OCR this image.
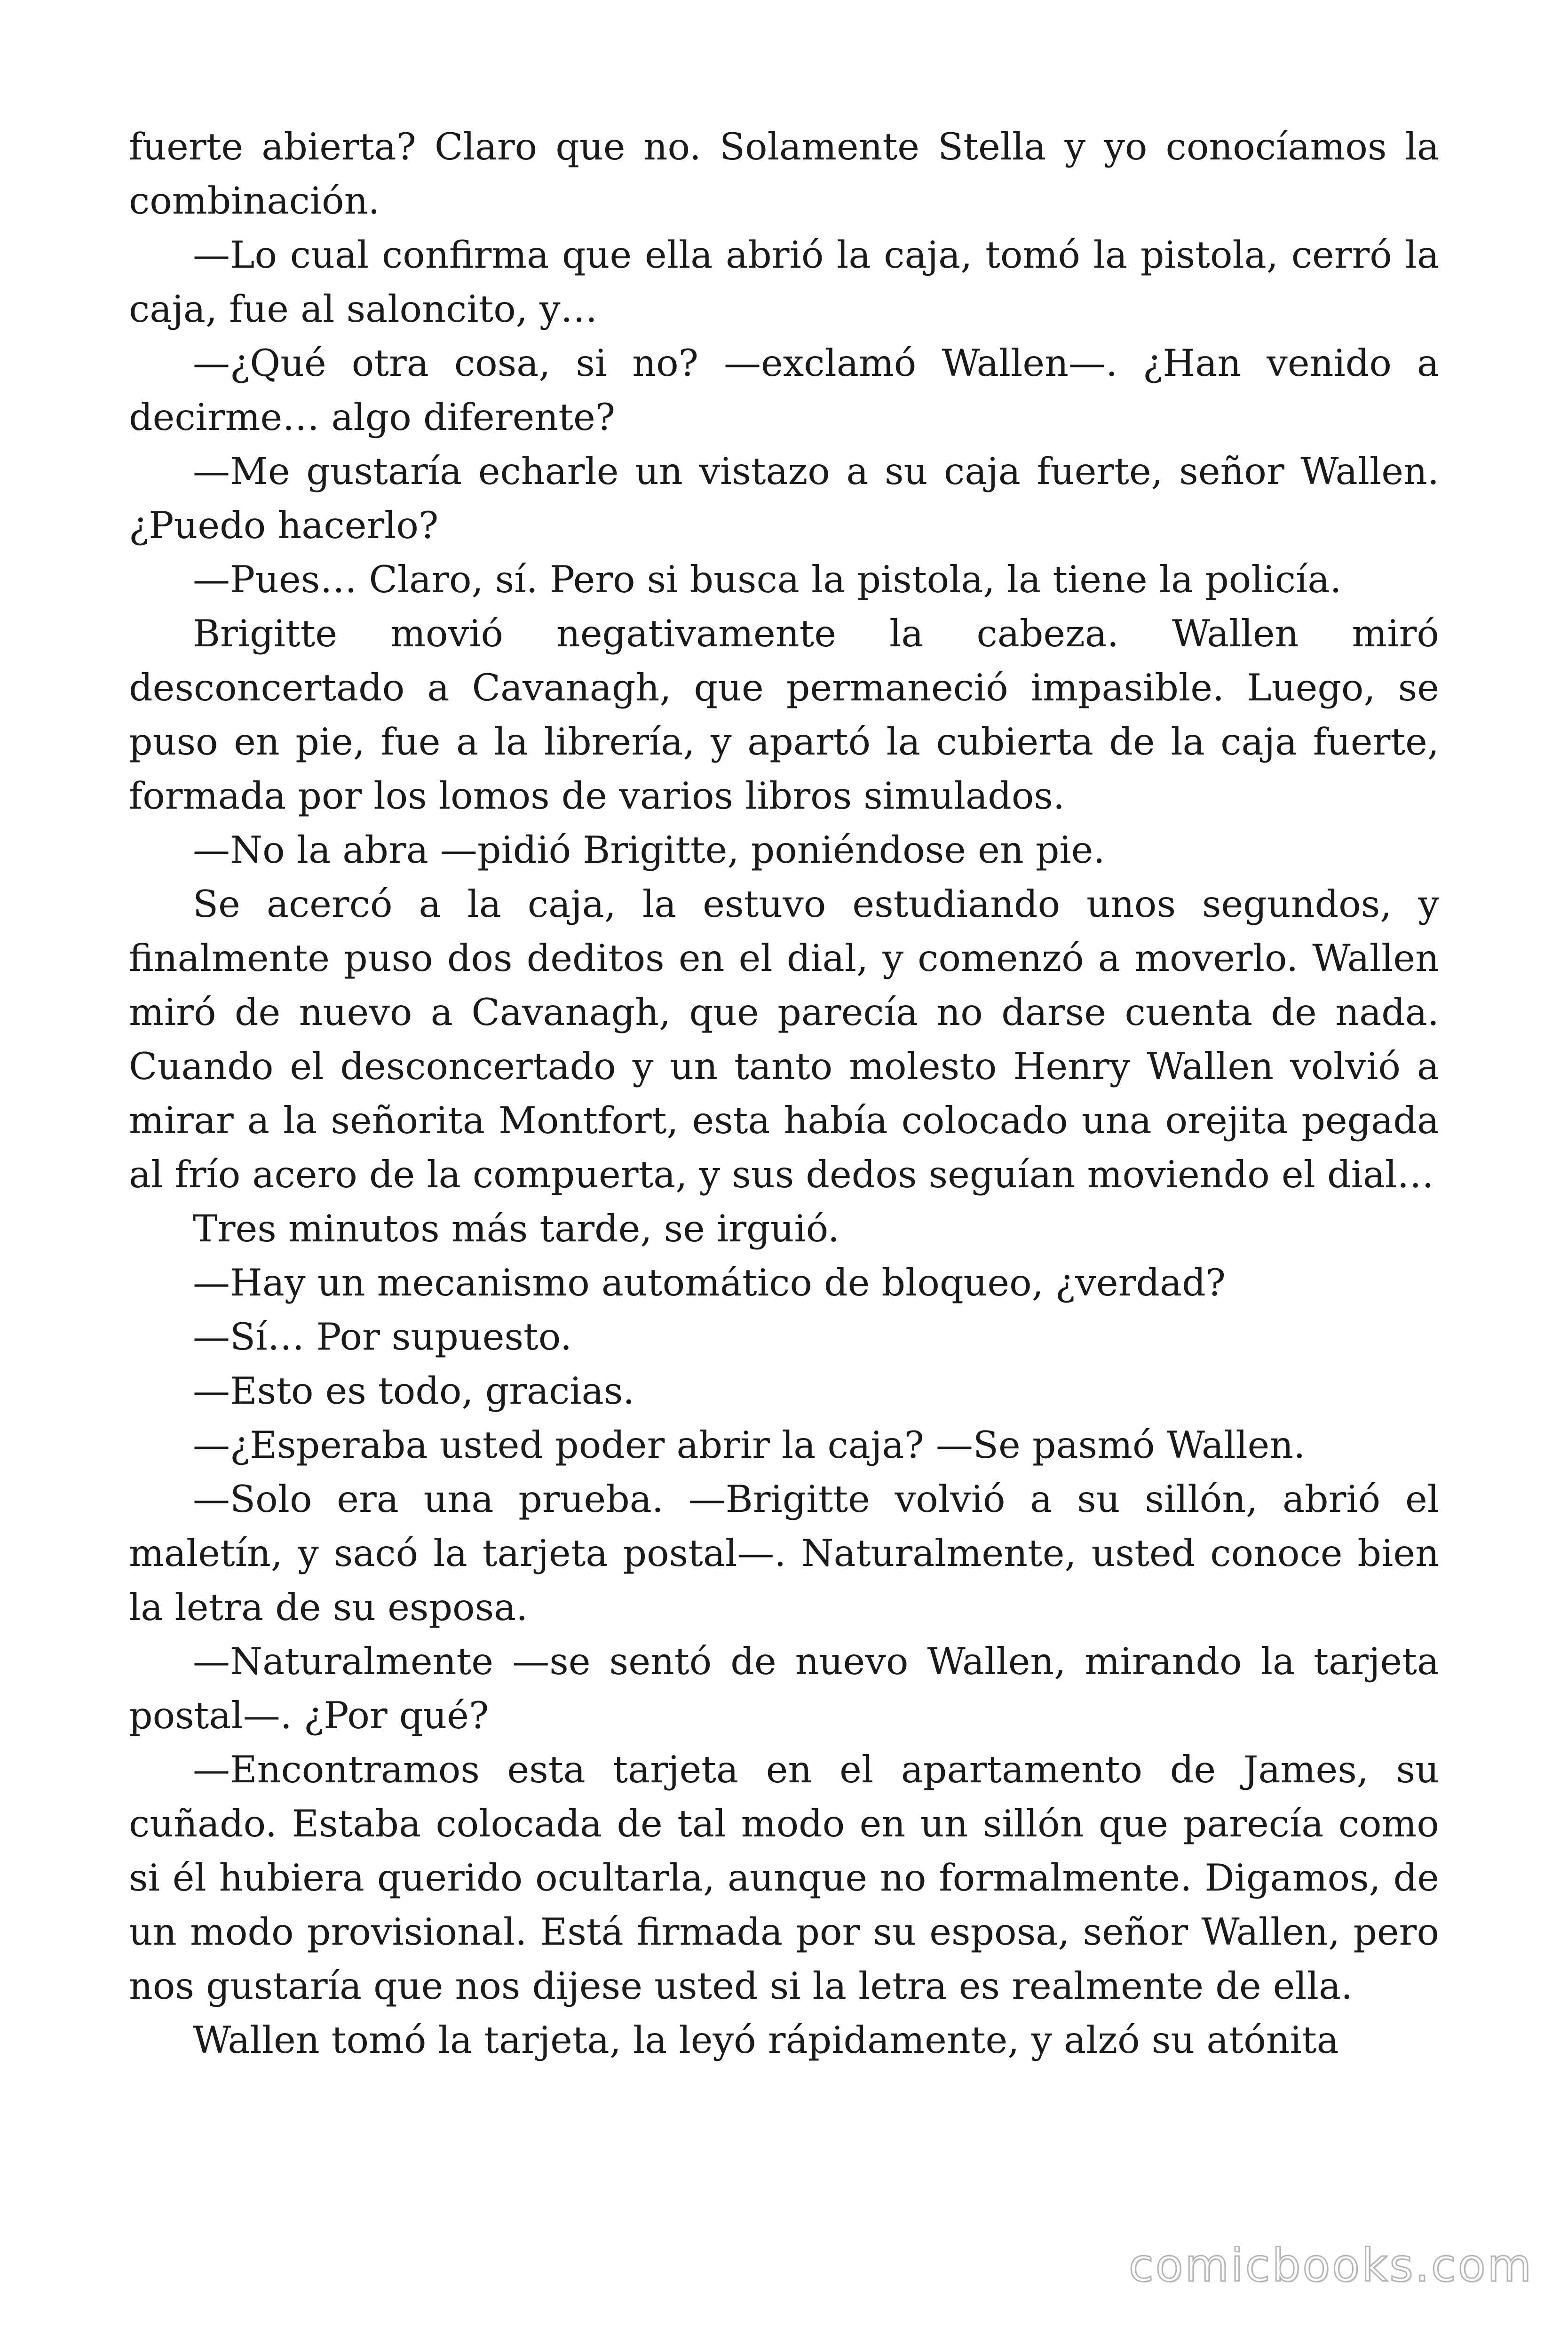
fuerte abierta? Claro que no. Solamente Stella y yo conocíamos la combinación.

—Lo cual confirma que ella abrió la caja, tomó la pistola, cerró la caja, fue al saloncito, y…

—¿Qué otra cosa, si no? —exclamó Wallen—. ¿Han venido a decirme… algo diferente?

—Me gustaría echarle un vistazo a su caja fuerte, señor Wallen. ¿Puedo hacerlo?

—Pues… Claro, sí. Pero si busca la pistola, la tiene la policía.

Brigitte movió negativamente la cabeza. Wallen miró desconcertado a Cavanagh, que permaneció impasible. Luego, se puso en pie, fue a la librería, y apartó la cubierta de la caja fuerte, formada por los lomos de varios libros simulados.

—No la abra —pidió Brigitte, poniéndose en pie.

Se acercó a la caja, la estuvo estudiando unos segundos, y finalmente puso dos deditos en el dial, y comenzó a moverlo. Wallen miró de nuevo a Cavanagh, que parecía no darse cuenta de nada. Cuando el desconcertado y un tanto molesto Henry Wallen volvió a mirar a la señorita Montfort, esta había colocado una orejita pegada al frío acero de la compuerta, y sus dedos seguían moviendo el dial…

Tres minutos más tarde, se irguió.

—Hay un mecanismo automático de bloqueo, ¿verdad?

—Sí… Por supuesto.

—Esto es todo, gracias.

—¿Esperaba usted poder abrir la caja? —Se pasmó Wallen.

—Solo era una prueba. —Brigitte volvió a su sillón, abrió el maletín, y sacó la tarjeta postal—. Naturalmente, usted conoce bien la letra de su esposa.

—Naturalmente —se sentó de nuevo Wallen, mirando la tarjeta postal—. ¿Por qué?

—Encontramos esta tarjeta en el apartamento de James, su cuñado. Estaba colocada de tal modo en un sillón que parecía como si él hubiera querido ocultarla, aunque no formalmente. Digamos, de un modo provisional. Está firmada por su esposa, señor Wallen, pero nos gustaría que nos dijese usted si la letra es realmente de ella.

Wallen tomó la tarjeta, la leyó rápidamente, y alzó su atónita

comicbooks.com
